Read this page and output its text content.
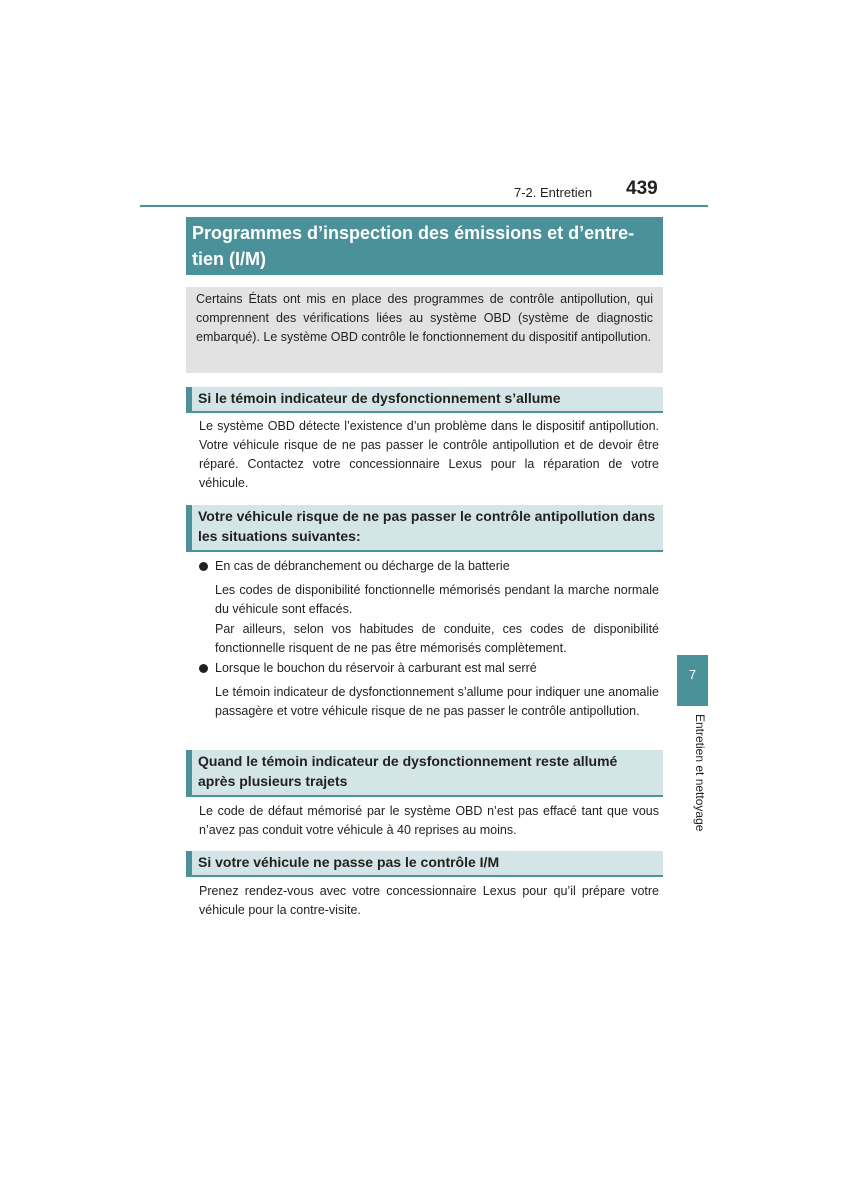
7-2. Entretien 439
Programmes d’inspection des émissions et d’entre-tien (I/M)
Certains États ont mis en place des programmes de contrôle antipollution, qui comprennent des vérifications liées au système OBD (système de diagnostic embarqué). Le système OBD contrôle le fonctionnement du dispositif antipollution.
Si le témoin indicateur de dysfonctionnement s’allume
Le système OBD détecte l’existence d’un problème dans le dispositif antipollution. Votre véhicule risque de ne pas passer le contrôle antipollution et de devoir être réparé. Contactez votre concessionnaire Lexus pour la réparation de votre véhicule.
Votre véhicule risque de ne pas passer le contrôle antipollution dans les situations suivantes:
En cas de débranchement ou décharge de la batterie
Les codes de disponibilité fonctionnelle mémorisés pendant la marche normale du véhicule sont effacés.
Par ailleurs, selon vos habitudes de conduite, ces codes de disponibilité fonctionnelle risquent de ne pas être mémorisés complètement.
Lorsque le bouchon du réservoir à carburant est mal serré
Le témoin indicateur de dysfonctionnement s’allume pour indiquer une anomalie passagère et votre véhicule risque de ne pas passer le contrôle antipollution.
Quand le témoin indicateur de dysfonctionnement reste allumé après plusieurs trajets
Le code de défaut mémorisé par le système OBD n’est pas effacé tant que vous n’avez pas conduit votre véhicule à 40 reprises au moins.
Si votre véhicule ne passe pas le contrôle I/M
Prenez rendez-vous avec votre concessionnaire Lexus pour qu’il prépare votre véhicule pour la contre-visite.
7
Entretien et nettoyage
